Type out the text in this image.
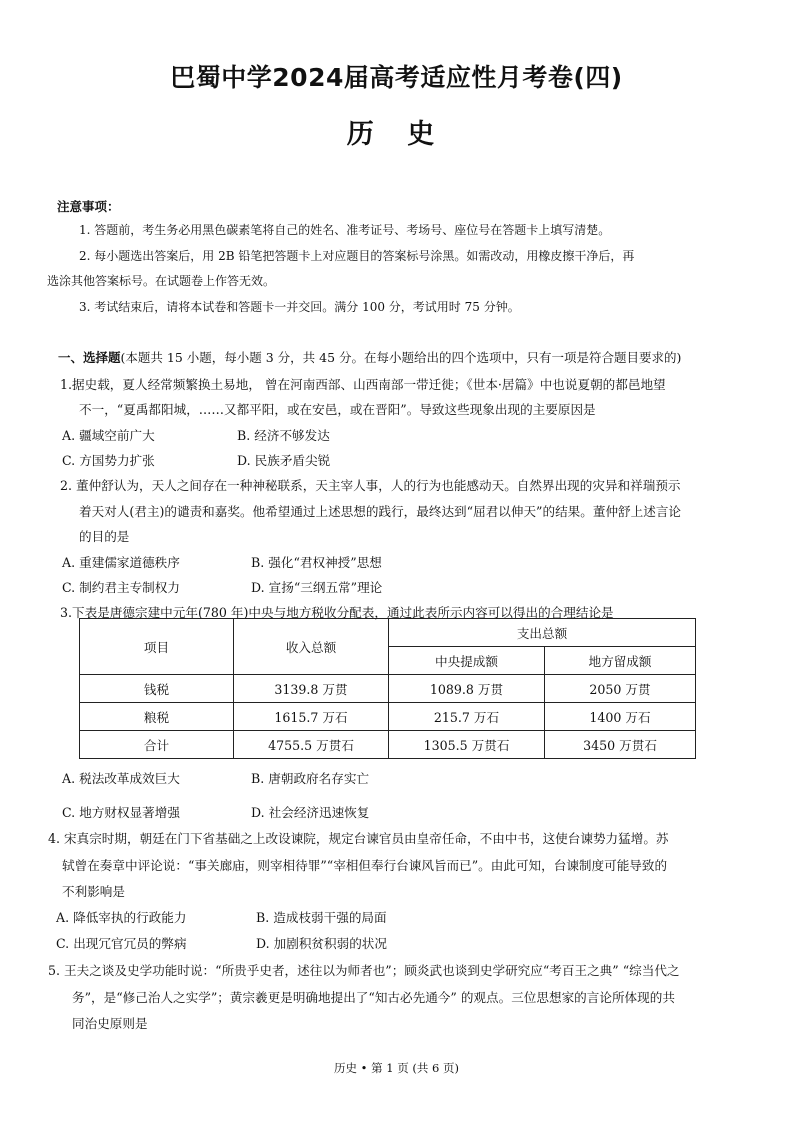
巴蜀中学2024届高考适应性月考卷(四)
历 史
注意事项：
1. 答题前，考生务必用黑色碳素笔将自己的姓名、准考证号、考场号、座位号在答题卡上填写清楚。
2. 每小题选出答案后，用 2B 铅笔把答题卡上对应题目的答案标号涂黑。如需改动，用橡皮擦干净后，再
选涂其他答案标号。在试题卷上作答无效。
3. 考试结束后，请将本试卷和答题卡一并交回。满分 100 分，考试用时 75 分钟。
一、选择题(本题共 15 小题，每小题 3 分，共 45 分。在每小题给出的四个选项中，只有一项是符合题目要求的)
1.据史载，夏人经常频繁换土易地， 曾在河南西部、山西南部一带迁徙；《世本·居篇》中也说夏朝的都邑地望
不一，“夏禹都阳城，……又都平阳，或在安邑，或在晋阳”。导致这些现象出现的主要原因是
A. 疆域空前广大	B. 经济不够发达
C. 方国势力扩张	D. 民族矛盾尖锐
2. 董仲舒认为，天人之间存在一种神秘联系，天主宰人事，人的行为也能感动天。自然界出现的灾异和祥瑞预示
着天对人(君主)的谴责和嘉奖。他希望通过上述思想的践行，最终达到“屈君以伸天”的结果。董仲舒上述言论
的目的是
A. 重建儒家道德秩序	B. 强化“君权神授”思想
C. 制约君主专制权力	D. 宣扬“三纲五常”理论
3.下表是唐德宗建中元年(780 年)中央与地方税收分配表，通过此表所示内容可以得出的合理结论是
项目	收入总额	支出总额	
		中央提成额	地方留成额
钱税	3139.8 万贯	1089.8 万贯	2050 万贯
粮税	1615.7 万石	215.7 万石	1400 万石
合计	4755.5 万贯石	1305.5 万贯石	3450 万贯石
A. 税法改革成效巨大	B. 唐朝政府名存实亡
C. 地方财权显著增强	D. 社会经济迅速恢复
4. 宋真宗时期，朝廷在门下省基础之上改设谏院，规定台谏官员由皇帝任命，不由中书，这使台谏势力猛增。苏
轼曾在奏章中评论说：“事关廊庙，则宰相待罪”“宰相但奉行台谏风旨而已”。由此可知，台谏制度可能导致的
不利影响是
A. 降低宰执的行政能力	B. 造成枝弱干强的局面
C. 出现冗官冗员的弊病	D. 加剧积贫积弱的状况
5. 王夫之谈及史学功能时说：“所贵乎史者，述往以为师者也”；顾炎武也谈到史学研究应“考百王之典” “综当代之
务”，是“修己治人之实学”；黄宗羲更是明确地提出了“知古必先通今” 的观点。三位思想家的言论所体现的共
同治史原则是
历史 • 第 1 页 (共 6 页)
